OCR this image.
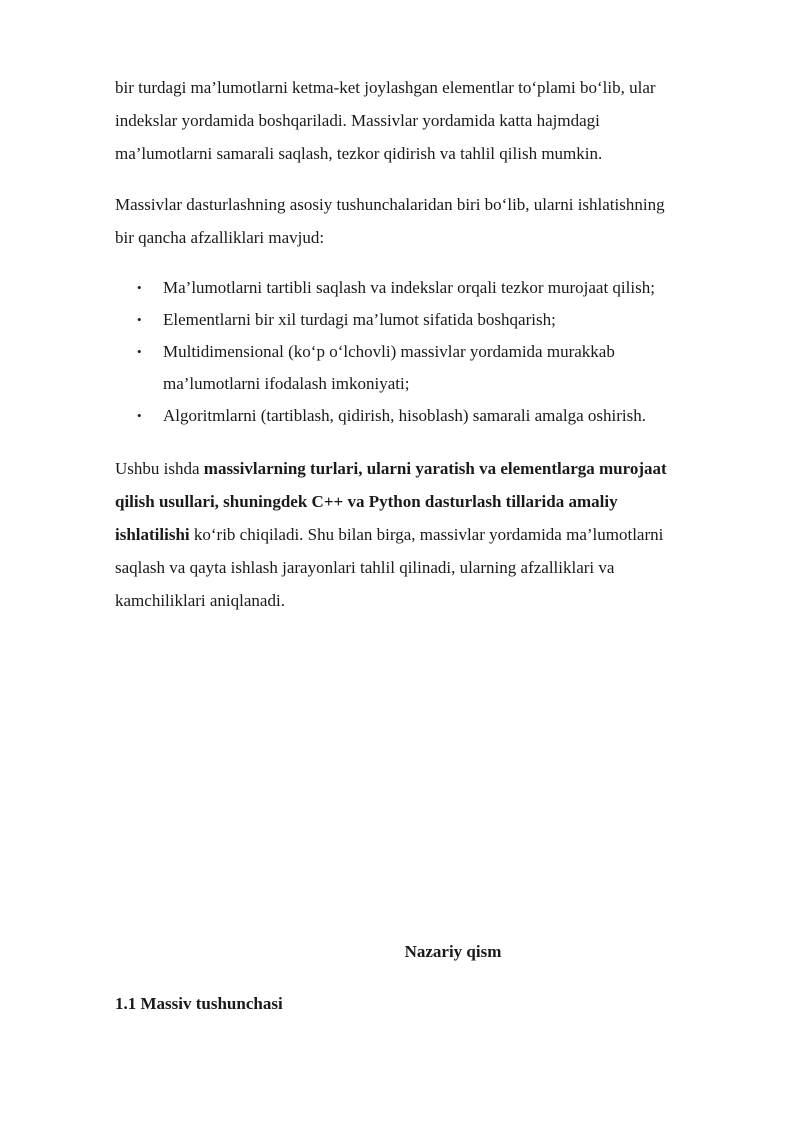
bir turdagi ma’lumotlarni ketma-ket joylashgan elementlar to‘plami bo‘lib, ular
indekslar yordamida boshqariladi. Massivlar yordamida katta hajmdagi
ma’lumotlarni samarali saqlash, tezkor qidirish va tahlil qilish mumkin.

Massivlar dasturlashning asosiy tushunchalaridan biri bo‘lib, ularni ishlatishning
bir qancha afzalliklari mavjud:

• Ma’lumotlarni tartibli saqlash va indekslar orqali tezkor murojaat qilish;
• Elementlarni bir xil turdagi ma’lumot sifatida boshqarish;
• Multidimensional (ko‘p o‘lchovli) massivlar yordamida murakkab
ma’lumotlarni ifodalash imkoniyati;
• Algoritmlarni (tartiblash, qidirish, hisoblash) samarali amalga oshirish.

Ushbu ishda massivlarning turlari, ularni yaratish va elementlarga murojaat
qilish usullari, shuningdek C++ va Python dasturlash tillarida amaliy
ishlatilishi ko‘rib chiqiladi. Shu bilan birga, massivlar yordamida ma’lumotlarni
saqlash va qayta ishlash jarayonlari tahlil qilinadi, ularning afzalliklari va
kamchiliklari aniqlanadi.

Nazariy qism
1.1 Massiv tushunchasi
